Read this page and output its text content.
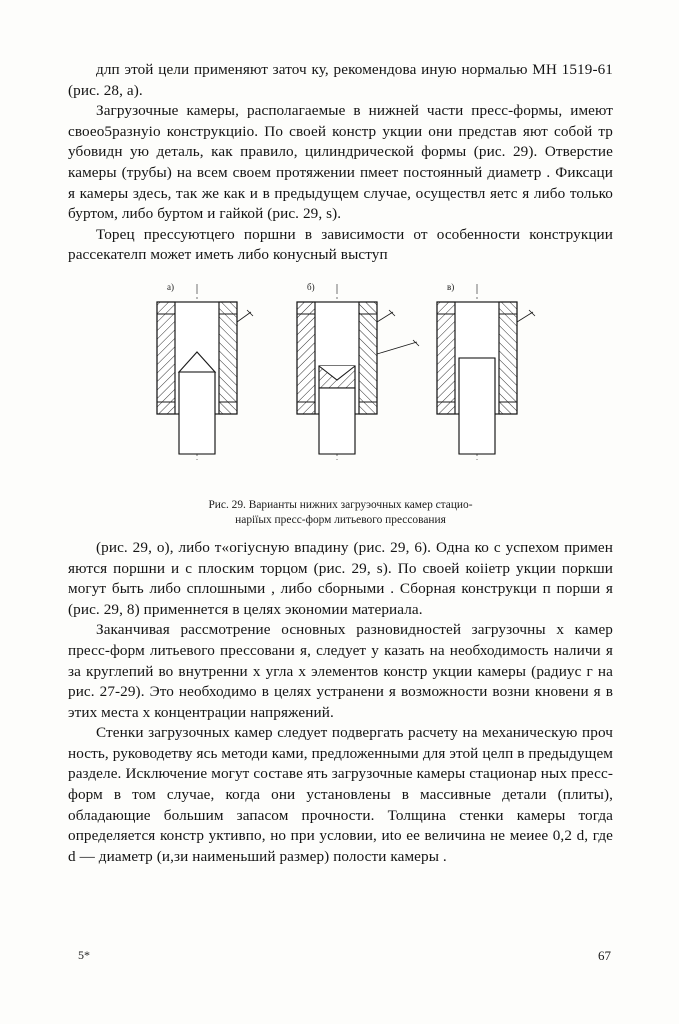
длп этой цели применяют заточ ку, рекомендова иную нормалью МН 1519-61 (рис. 28, а).

Загрузочные камеры, располагаемые в нижней части пресс-формы, имеют своео5разнуіо конструкциіо. По своей констр укции они представ яют собой тр убовидн ую деталь, как правило, цилиндрической формы (рис. 29). Отверстие камеры (трубы) на всем своем протяжении пмеет постоянный диаметр . Фиксаци я камеры здесь, так же как и в предыдущем случае, осуществл яетс я либо только буртом, либо буртом и гайкой (рис. 29, s).

Торец прессуютцего поршни в зависимости от особенности конструкции рассекателп может иметь либо конусный выступ

а)	б)	в)
Рис. 29. Варианты нижних загруэочных камер стацио-
наріїых пресс-форм литьевого прессования

(рис. 29, о), либо т«огіусную впадину (рис. 29, 6). Одна ко с успехом примен яются поршни и с плоским торцом (рис. 29, s). По своей коііетр укции поркши могут быть либо сплошными , либо сборными . Сборная конструкци п порши я (рис. 29, 8) применнется в целях экономии материала.

Заканчивая рассмотрение основных разновидностей загрузочны х камер пресс-форм литьевого прессовани я, следует у казать на необходимость наличи я за круглепий во внутренни х угла х элементов констр укции камеры (радиус г на рис. 27-29). Это необходимо в целях устранени я возможности возни кновени я в этих места х концентрации напряжений.

Стенки загрузочных камер следует подвергать расчету на механическую проч ность, руководетву ясь методи ками, предложенными для этой целп в предыдущем разделе. Исключение могут составе ять загрузочные камеры стационар ных пресс-форм в том случае, когда они установлены в массивные детали (плиты), обладающие большим запасом прочности. Толщина стенки камеры тогда определяется констр уктивпо, но при условии, иto ее величина не меиее 0,2 d, где d — диаметр (и,зи наименьший размер) полости камеры .

5*	67
